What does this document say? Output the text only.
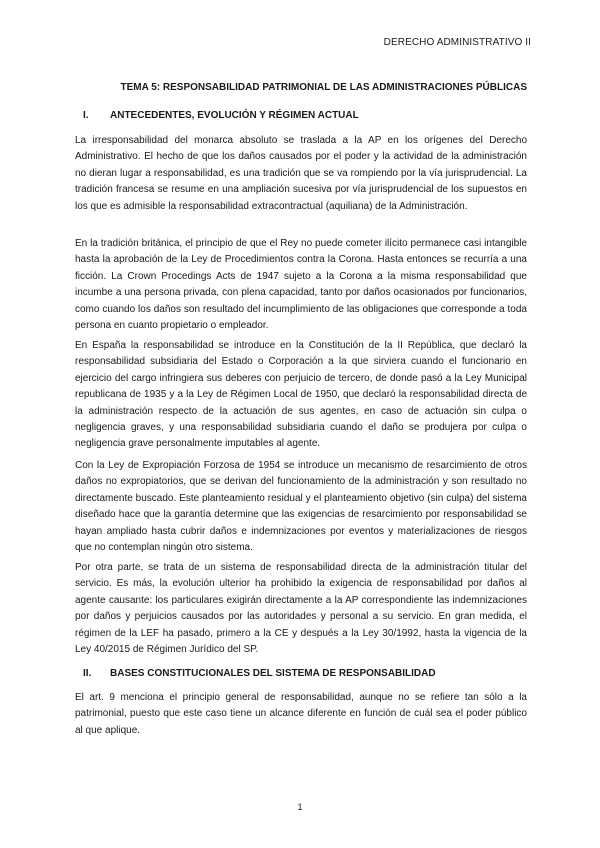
DERECHO ADMINISTRATIVO II
TEMA 5: RESPONSABILIDAD PATRIMONIAL DE LAS ADMINISTRACIONES PÚBLICAS
I. ANTECEDENTES, EVOLUCIÓN Y RÉGIMEN ACTUAL

La irresponsabilidad del monarca absoluto se traslada a la AP en los orígenes del Derecho Administrativo. El hecho de que los daños causados por el poder y la actividad de la administración no dieran lugar a responsabilidad, es una tradición que se va rompiendo por la vía jurisprudencial. La tradición francesa se resume en una ampliación sucesiva por vía jurisprudencial de los supuestos en los que es admisible la responsabilidad extracontractual (aquiliana) de la Administración.

En la tradición británica, el principio de que el Rey no puede cometer ilícito permanece casi intangible hasta la aprobación de la Ley de Procedimientos contra la Corona. Hasta entonces se recurría a una ficción. La Crown Procedings Acts de 1947 sujeto a la Corona a la misma responsabilidad que incumbe a una persona privada, con plena capacidad, tanto por daños ocasionados por funcionarios, como cuando los daños son resultado del incumplimiento de las obligaciones que corresponde a toda persona en cuanto propietario o empleador.

En España la responsabilidad se introduce en la Constitución de la II República, que declaró la responsabilidad subsidiaria del Estado o Corporación a la que sirviera cuando el funcionario en ejercicio del cargo infringiera sus deberes con perjuicio de tercero, de donde pasó a la Ley Municipal republicana de 1935 y a la Ley de Régimen Local de 1950, que declaró la responsabilidad directa de la administración respecto de la actuación de sus agentes, en caso de actuación sin culpa o negligencia graves, y una responsabilidad subsidiaria cuando el daño se produjera por culpa o negligencia grave personalmente imputables al agente.

Con la Ley de Expropiación Forzosa de 1954 se introduce un mecanismo de resarcimiento de otros daños no expropiatorios, que se derivan del funcionamiento de la administración y son resultado no directamente buscado. Este planteamiento residual y el planteamiento objetivo (sin culpa) del sistema diseñado hace que la garantía determine que las exigencias de resarcimiento por responsabilidad se hayan ampliado hasta cubrir daños e indemnizaciones por eventos y materializaciones de riesgos que no contemplan ningún otro sistema.

Por otra parte, se trata de un sistema de responsabilidad directa de la administración titular del servicio. Es más, la evolución ulterior ha prohibido la exigencia de responsabilidad por daños al agente causante: los particulares exigirán directamente a la AP correspondiente las indemnizaciones por daños y perjuicios causados por las autoridades y personal a su servicio. En gran medida, el régimen de la LEF ha pasado, primero a la CE y después a la Ley 30/1992, hasta la vigencia de la Ley 40/2015 de Régimen Jurídico del SP.

II. BASES CONSTITUCIONALES DEL SISTEMA DE RESPONSABILIDAD

El art. 9 menciona el principio general de responsabilidad, aunque no se refiere tan sólo a la patrimonial, puesto que este caso tiene un alcance diferente en función de cuál sea el poder público al que aplique.

1
